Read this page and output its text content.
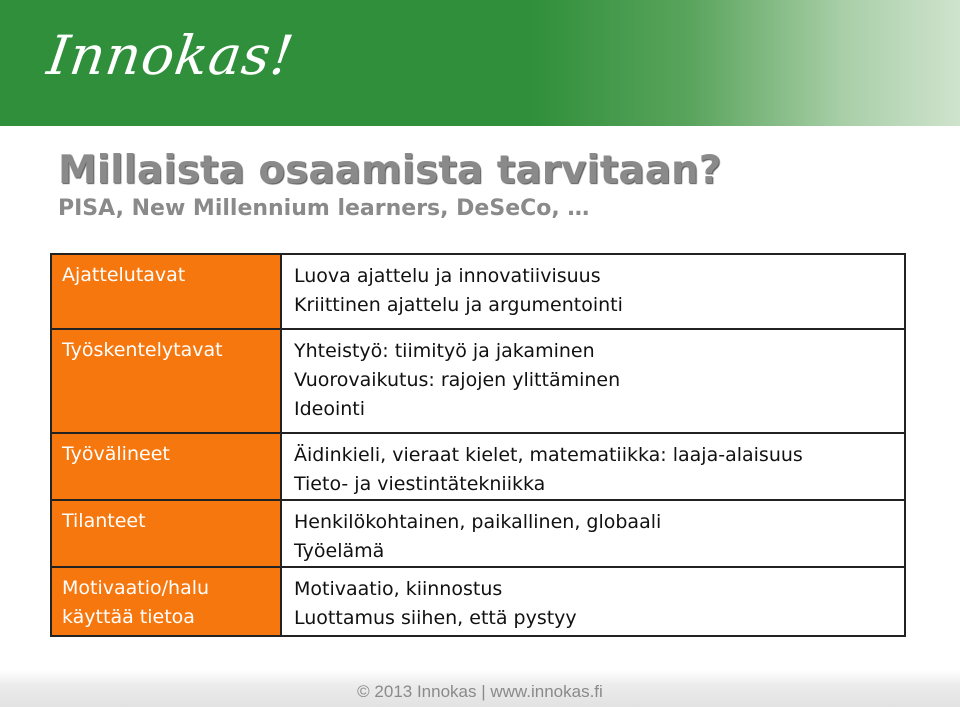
Innokas!
Millaista osaamista tarvitaan?
PISA, New Millennium learners, DeSeCo, …
Ajattelutavat	Luova ajattelu ja innovatiivisuus
Kriittinen ajattelu ja argumentointi

Työskentelytavat	Yhteistyö: tiimityö ja jakaminen
Vuorovaikutus: rajojen ylittäminen
Ideointi

Työvälineet	Äidinkieli, vieraat kielet, matematiikka: laaja-alaisuus
Tieto- ja viestintätekniikka

Tilanteet	Henkilökohtainen, paikallinen, globaali
Työelämä

Motivaatio/halu käyttää tietoa	Motivaatio, kiinnostus
Luottamus siihen, että pystyy
© 2013 Innokas | www.innokas.fi
